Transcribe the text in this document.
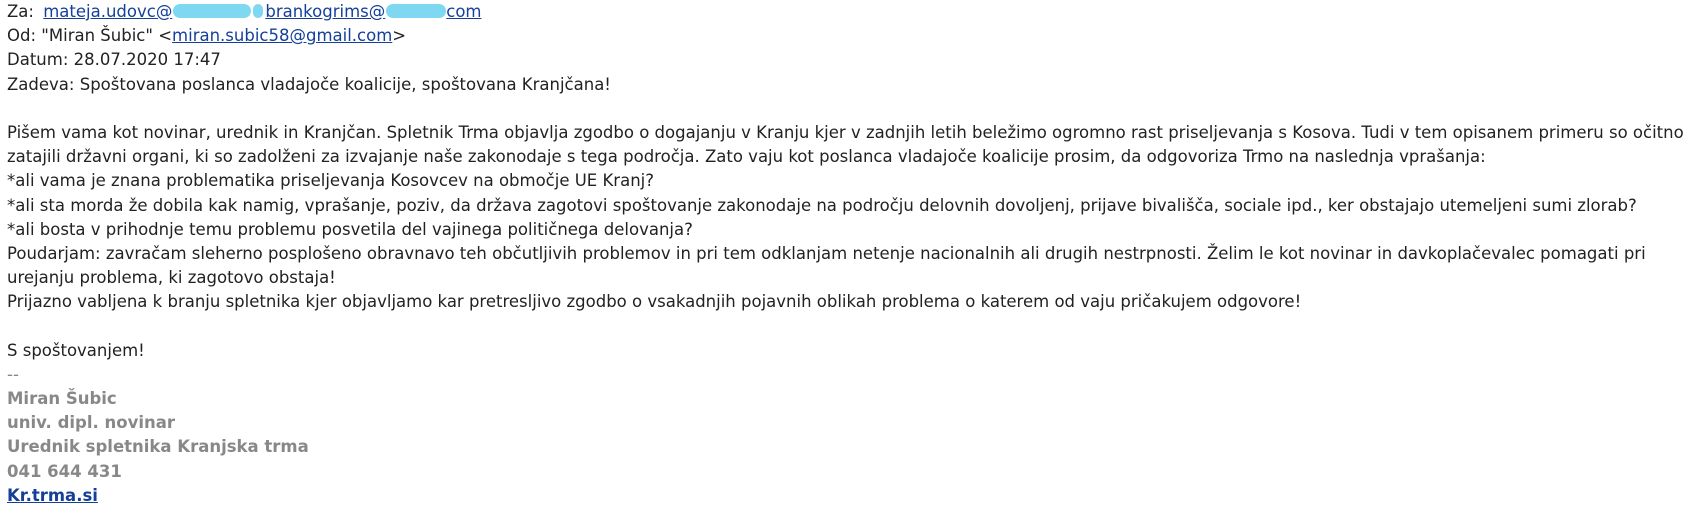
Za: mateja.udovc@	brankogrims@	com
Od: "Miran Šubic" <miran.subic58@gmail.com>
Datum: 28.07.2020 17:47
Zadeva: Spoštovana poslanca vladajoče koalicije, spoštovana Kranjčana!
Pišem vama kot novinar, urednik in Kranjčan. Spletnik Trma objavlja zgodbo o dogajanju v Kranju kjer v zadnjih letih beležimo ogromno rast priseljevanja s Kosova. Tudi v tem opisanem primeru so očitno zatajili državni organi, ki so zadolženi za izvajanje naše zakonodaje s tega področja. Zato vaju kot poslanca vladajoče koalicije prosim, da odgovoriza Trmo na naslednja vprašanja:
*ali vama je znana problematika priseljevanja Kosovcev na območje UE Kranj?
*ali sta morda že dobila kak namig, vprašanje, poziv, da država zagotovi spoštovanje zakonodaje na področju delovnih dovoljenj, prijave bivališča, sociale ipd., ker obstajajo utemeljeni sumi zlorab?
*ali bosta v prihodnje temu problemu posvetila del vajinega političnega delovanja?
Poudarjam: zavračam sleherno posplošeno obravnavo teh občutljivih problemov in pri tem odklanjam netenje nacionalnih ali drugih nestrpnosti. Želim le kot novinar in davkoplačevalec pomagati pri urejanju problema, ki zagotovo obstaja!
Prijazno vabljena k branju spletnika kjer objavljamo kar pretresljivo zgodbo o vsakadnjih pojavnih oblikah problema o katerem od vaju pričakujem odgovore!
S spoštovanjem!
--
Miran Šubic
univ. dipl. novinar
Urednik spletnika Kranjska trma
041 644 431
Kr.trma.si
